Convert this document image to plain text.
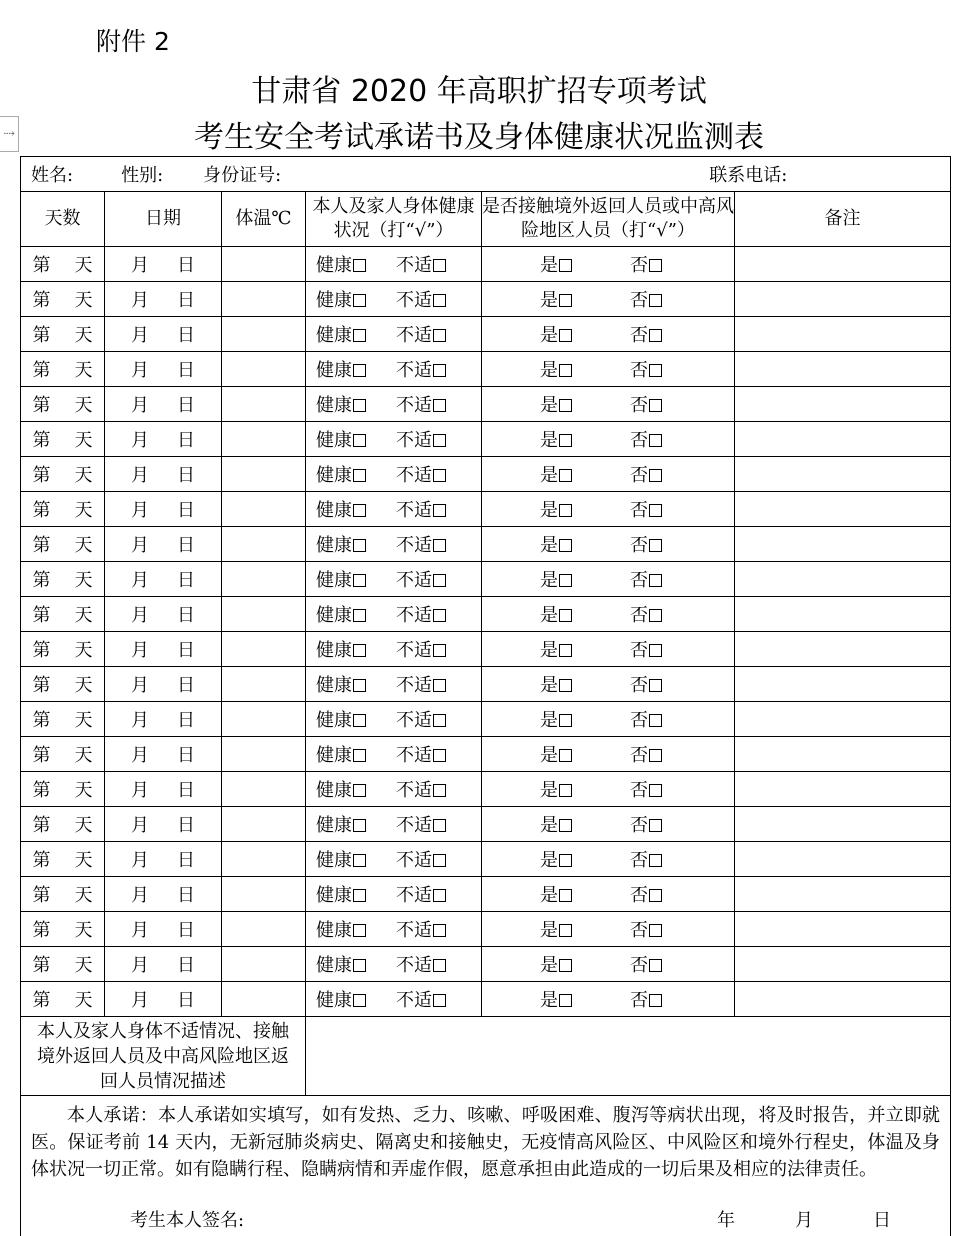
附件 2
甘肃省 2020 年高职扩招专项考试
考生安全考试承诺书及身体健康状况监测表
⇢
姓名: 性别: 身份证号: 联系电话:					

天数	日期	体温℃	本人及家人身体健康状况（打“√”）	是否接触境外返回人员或中高风险地区人员（打“√”）	备注
第 天	月 日		健康 不适	是 否	
第 天	月 日		健康 不适	是 否	
第 天	月 日		健康 不适	是 否	
第 天	月 日		健康 不适	是 否	
第 天	月 日		健康 不适	是 否	
第 天	月 日		健康 不适	是 否	
第 天	月 日		健康 不适	是 否	
第 天	月 日		健康 不适	是 否	
第 天	月 日		健康 不适	是 否	
第 天	月 日		健康 不适	是 否	
第 天	月 日		健康 不适	是 否	
第 天	月 日		健康 不适	是 否	
第 天	月 日		健康 不适	是 否	
第 天	月 日		健康 不适	是 否	
第 天	月 日		健康 不适	是 否	
第 天	月 日		健康 不适	是 否	
第 天	月 日		健康 不适	是 否	
第 天	月 日		健康 不适	是 否	
第 天	月 日		健康 不适	是 否	
第 天	月 日		健康 不适	是 否	
第 天	月 日		健康 不适	是 否	
第 天	月 日		健康 不适	是 否	
本人及家人身体不适情况、接触境外返回人员及中高风险地区返回人员情况描述					

本人承诺：本人承诺如实填写，如有发热、乏力、咳嗽、呼吸困难、腹泻等病状出现，将及时报告，并立即就医。保证考前 14 天内，无新冠肺炎病史、隔离史和接触史，无疫情高风险区、中风险区和境外行程史，体温及身体状况一切正常。如有隐瞒行程、隐瞒病情和弄虚作假，愿意承担由此造成的一切后果及相应的法律责任。					
考生本人签名:	年	月	日
